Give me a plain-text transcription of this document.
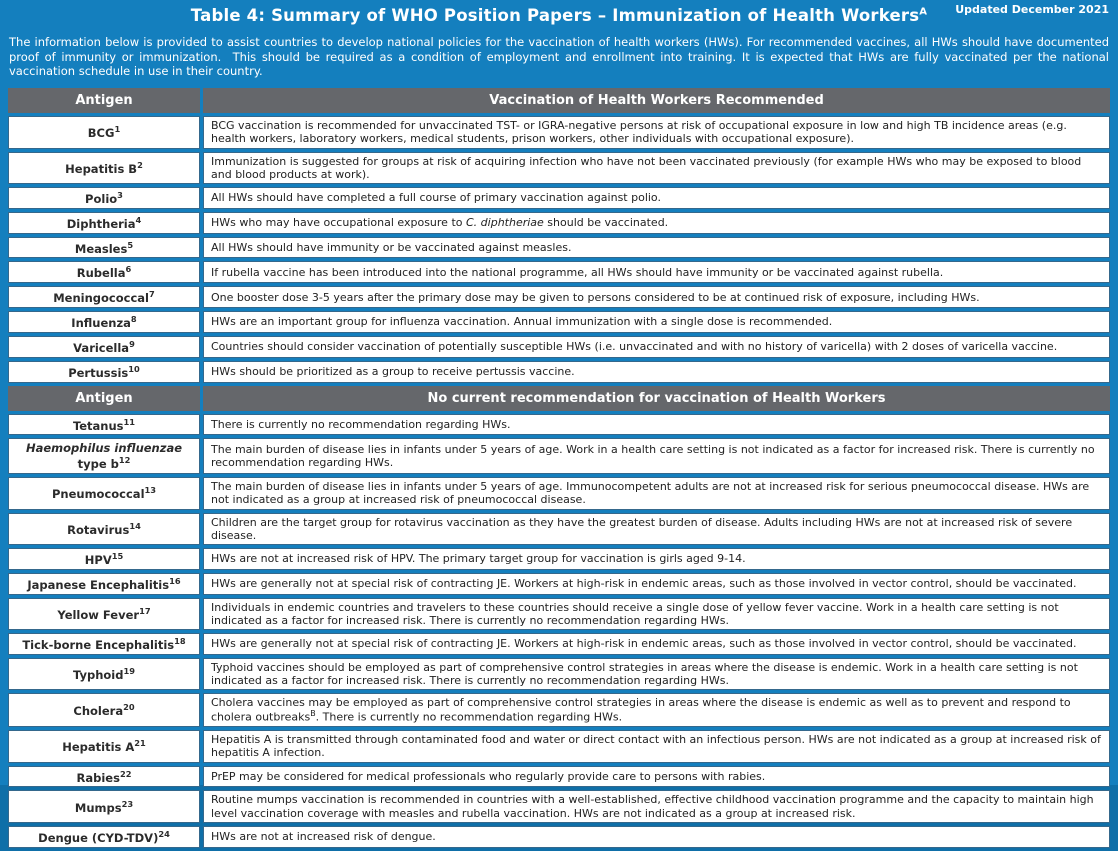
Updated December 2021
Table 4: Summary of WHO Position Papers – Immunization of Health Workers$^A$
The information below is provided to assist countries to develop national policies for the vaccination of health workers (HWs). For recommended vaccines, all HWs should have documented proof of immunity or immunization.  This should be required as a condition of employment and enrollment into training. It is expected that HWs are fully vaccinated per the national vaccination schedule in use in their country.
Antigen	Vaccination of Health Workers Recommended
BCG$^1$	BCG vaccination is recommended for unvaccinated TST- or IGRA-negative persons at risk of occupational exposure in low and high TB incidence areas (e.g. health workers, laboratory workers, medical students, prison workers, other individuals with occupational exposure).
Hepatitis $B^2$	Immunization is suggested for groups at risk of acquiring infection who have not been vaccinated previously (for example HWs who may be exposed to blood and blood products at work).
Polio$^3$	All HWs should have completed a full course of primary vaccination against polio.
Diphtheria$^4$	HWs who may have occupational exposure to C. diphtheriae should be vaccinated.
Measles$^5$	All HWs should have immunity or be vaccinated against measles.
Rubella$^6$	If rubella vaccine has been introduced into the national programme, all HWs should have immunity or be vaccinated against rubella.
Meningococcal$^7$	One booster dose 3-5 years after the primary dose may be given to persons considered to be at continued risk of exposure, including HWs.
Influenza$^8$	HWs are an important group for influenza vaccination. Annual immunization with a single dose is recommended.
Varicella$^9$	Countries should consider vaccination of potentially susceptible HWs (i.e. unvaccinated and with no history of varicella) with 2 doses of varicella vaccine.
Pertussis$^{10}$	HWs should be prioritized as a group to receive pertussis vaccine.
Antigen	No current recommendation for vaccination of Health Workers
Tetanus$^{11}$	There is currently no recommendation regarding HWs.
Haemophilus influenzae type $b^{12}$	The main burden of disease lies in infants under 5 years of age. Work in a health care setting is not indicated as a factor for increased risk. There is currently no recommendation regarding HWs.
Pneumococcal$^{13}$	The main burden of disease lies in infants under 5 years of age. Immunocompetent adults are not at increased risk for serious pneumococcal disease. HWs are not indicated as a group at increased risk of pneumococcal disease.
Rotavirus$^{14}$	Children are the target group for rotavirus vaccination as they have the greatest burden of disease. Adults including HWs are not at increased risk of severe disease.
HPV$^{15}$	HWs are not at increased risk of HPV. The primary target group for vaccination is girls aged 9-14.
Japanese Encephalitis$^{16}$	HWs are generally not at special risk of contracting JE. Workers at high-risk in endemic areas, such as those involved in vector control, should be vaccinated.
Yellow Fever$^{17}$	Individuals in endemic countries and travelers to these countries should receive a single dose of yellow fever vaccine. Work in a health care setting is not indicated as a factor for increased risk. There is currently no recommendation regarding HWs.
Tick-borne Encephalitis$^{18}$	HWs are generally not at special risk of contracting JE. Workers at high-risk in endemic areas, such as those involved in vector control, should be vaccinated.
Typhoid$^{19}$	Typhoid vaccines should be employed as part of comprehensive control strategies in areas where the disease is endemic. Work in a health care setting is not indicated as a factor for increased risk. There is currently no recommendation regarding HWs.
Cholera$^{20}$	Cholera vaccines may be employed as part of comprehensive control strategies in areas where the disease is endemic as well as to prevent and respond to cholera outbreaks$^B$. There is currently no recommendation regarding HWs.
Hepatitis $A^{21}$	Hepatitis A is transmitted through contaminated food and water or direct contact with an infectious person. HWs are not indicated as a group at increased risk of hepatitis A infection.
Rabies$^{22}$	PrEP may be considered for medical professionals who regularly provide care to persons with rabies.
Mumps$^{23}$	Routine mumps vaccination is recommended in countries with a well-established, effective childhood vaccination programme and the capacity to maintain high level vaccination coverage with measles and rubella vaccination. HWs are not indicated as a group at increased risk.
Dengue $(CYD-TDV)^{24}$	HWs are not at increased risk of dengue.
